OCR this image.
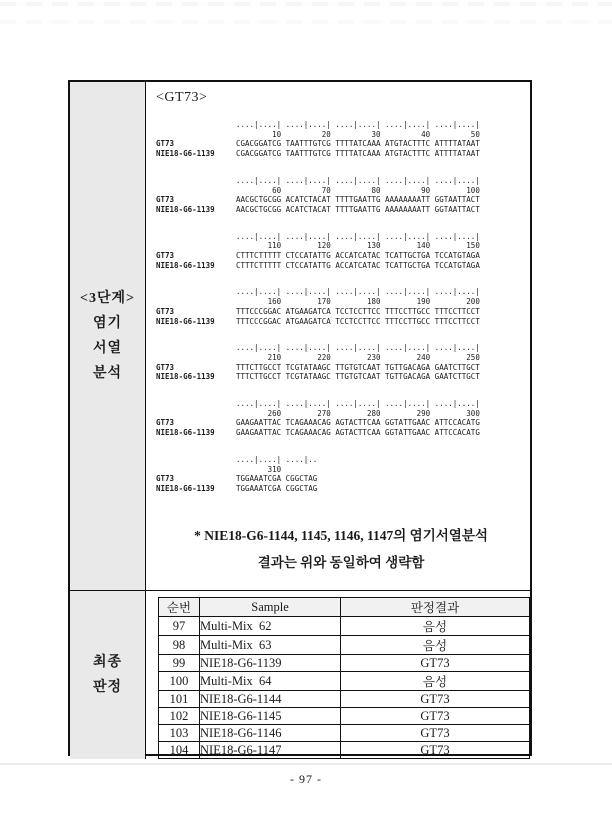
<3단계>
염기
서열
분석
<GT73>
....|....| ....|....| ....|....| ....|....| ....|....|
10         20         30         40         50
GT73	CGACGGATCG TAATTTGTCG TTTTATCAAA ATGTACTTTC ATTTTATAAT
NIE18-G6-1139	CGACGGATCG TAATTTGTCG TTTTATCAAA ATGTACTTTC ATTTTATAAT
....|....| ....|....| ....|....| ....|....| ....|....|
60         70         80         90        100
GT73	AACGCTGCGG ACATCTACAT TTTTGAATTG AAAAAAAATT GGTAATTACT
NIE18-G6-1139	AACGCTGCGG ACATCTACAT TTTTGAATTG AAAAAAAATT GGTAATTACT
....|....| ....|....| ....|....| ....|....| ....|....|
110        120        130        140        150
GT73	CTTTCTTTTT CTCCATATTG ACCATCATAC TCATTGCTGA TCCATGTAGA
NIE18-G6-1139	CTTTCTTTTT CTCCATATTG ACCATCATAC TCATTGCTGA TCCATGTAGA
....|....| ....|....| ....|....| ....|....| ....|....|
160        170        180        190        200
GT73	TTTCCCGGAC ATGAAGATCA TCCTCCTTCC TTTCCTTGCC TTTCCTTCCT
NIE18-G6-1139	TTTCCCGGAC ATGAAGATCA TCCTCCTTCC TTTCCTTGCC TTTCCTTCCT
....|....| ....|....| ....|....| ....|....| ....|....|
210        220        230        240        250
GT73	TTTCTTGCCT TCGTATAAGC TTGTGTCAAT TGTTGACAGA GAATCTTGCT
NIE18-G6-1139	TTTCTTGCCT TCGTATAAGC TTGTGTCAAT TGTTGACAGA GAATCTTGCT
....|....| ....|....| ....|....| ....|....| ....|....|
260        270        280        290        300
GT73	GAAGAATTAC TCAGAAACAG AGTACTTCAA GGTATTGAAC ATTCCACATG
NIE18-G6-1139	GAAGAATTAC TCAGAAACAG AGTACTTCAA GGTATTGAAC ATTCCACATG
....|....| ....|..
310
GT73	TGGAAATCGA CGGCTAG
NIE18-G6-1139	TGGAAATCGA CGGCTAG
* NIE18-G6-1144, 1145, 1146, 1147의 염기서열분석
결과는 위와 동일하여 생략함
최종
판정
순번	Sample	판정결과
97	Multi-Mix  62	음성
98	Multi-Mix  63	음성
99	NIE18-G6-1139	GT73
100	Multi-Mix  64	음성
101	NIE18-G6-1144	GT73
102	NIE18-G6-1145	GT73
103	NIE18-G6-1146	GT73
104	NIE18-G6-1147	GT73
- 97 -
